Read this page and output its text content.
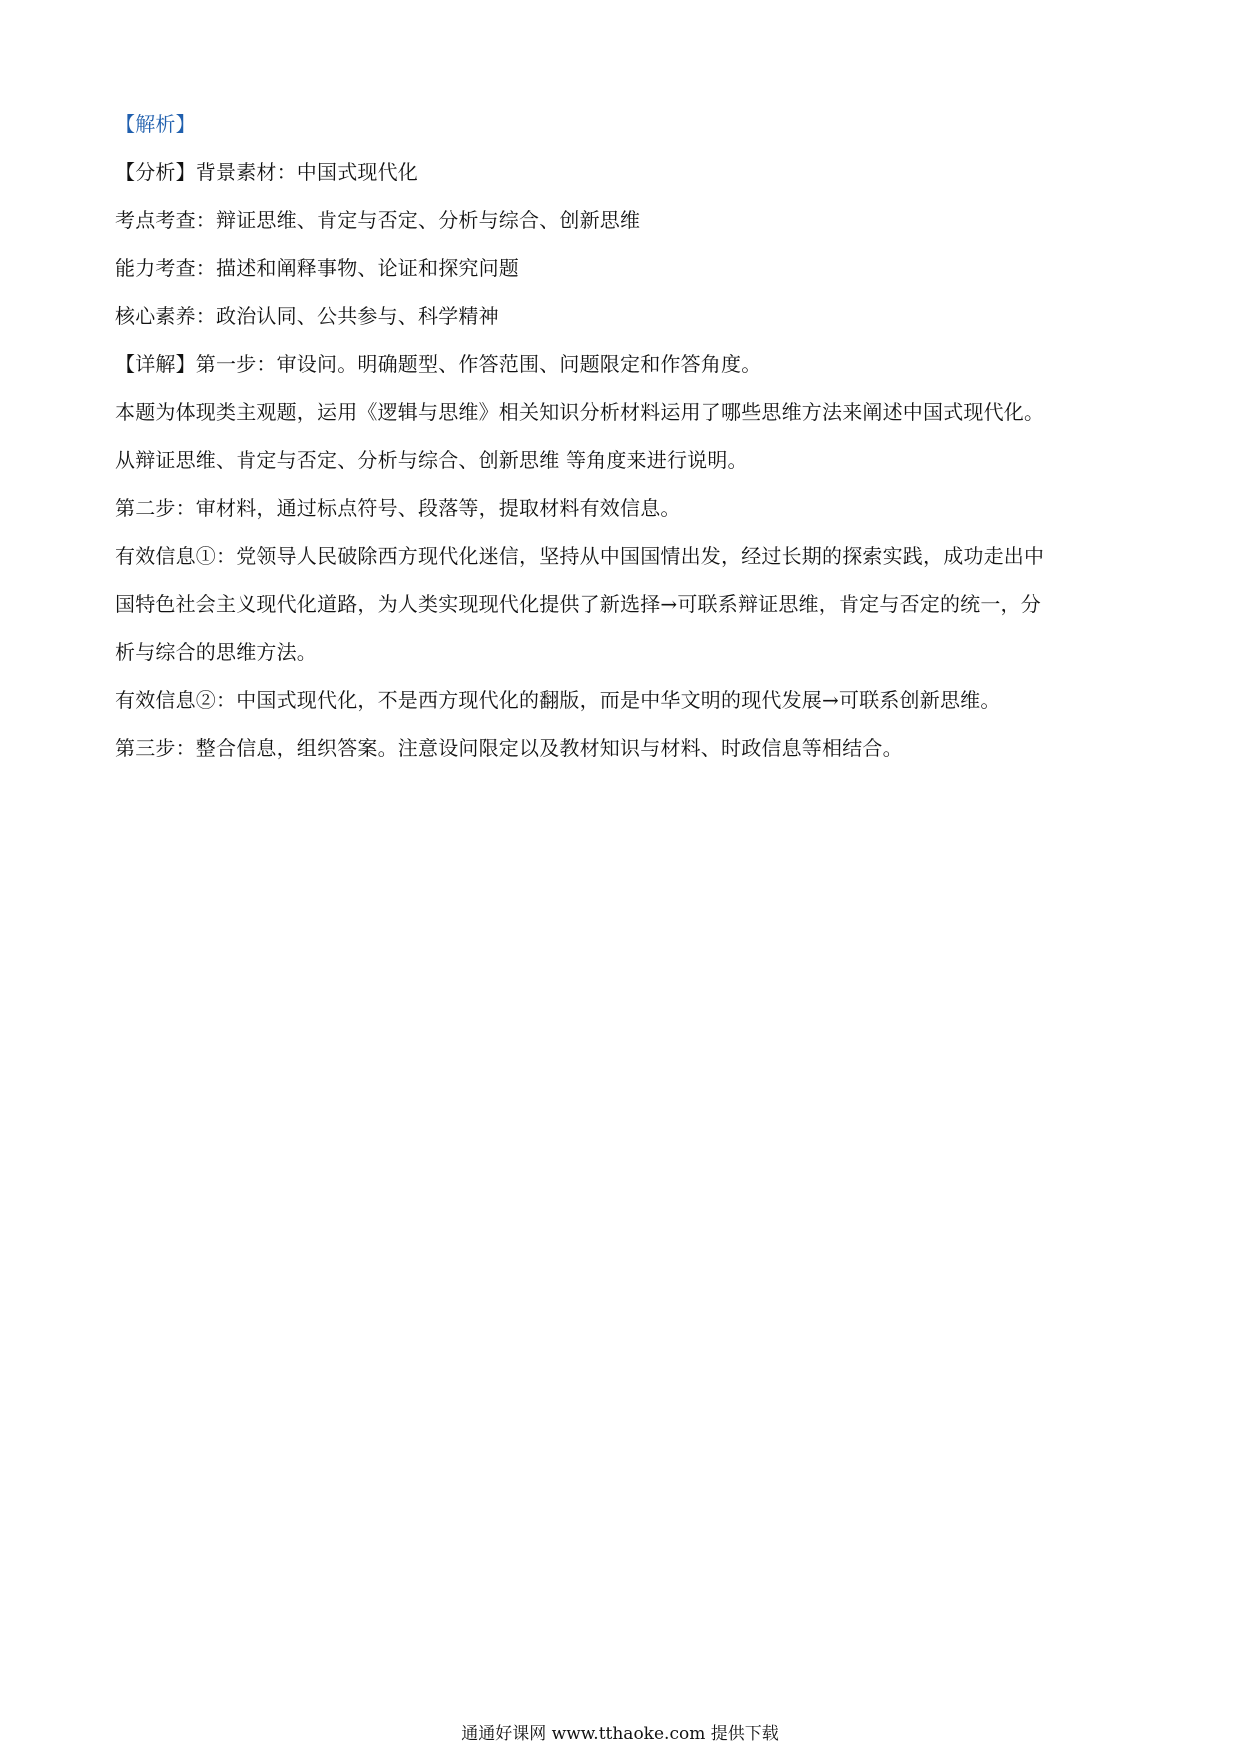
【解析】
【分析】背景素材：中国式现代化
考点考查：辩证思维、肯定与否定、分析与综合、创新思维
能力考查：描述和阐释事物、论证和探究问题
核心素养：政治认同、公共参与、科学精神
【详解】第一步：审设问。明确题型、作答范围、问题限定和作答角度。
本题为体现类主观题，运用《逻辑与思维》相关知识分析材料运用了哪些思维方法来阐述中国式现代化。
从辩证思维、肯定与否定、分析与综合、创新思维 等角度来进行说明。
第二步：审材料，通过标点符号、段落等，提取材料有效信息。
有效信息①：党领导人民破除西方现代化迷信，坚持从中国国情出发，经过长期的探索实践，成功走出中
国特色社会主义现代化道路，为人类实现现代化提供了新选择→可联系辩证思维，肯定与否定的统一，分
析与综合的思维方法。
有效信息②：中国式现代化，不是西方现代化的翻版，而是中华文明的现代发展→可联系创新思维。
第三步：整合信息，组织答案。注意设问限定以及教材知识与材料、时政信息等相结合。
通通好课网 www.tthaoke.com 提供下载
